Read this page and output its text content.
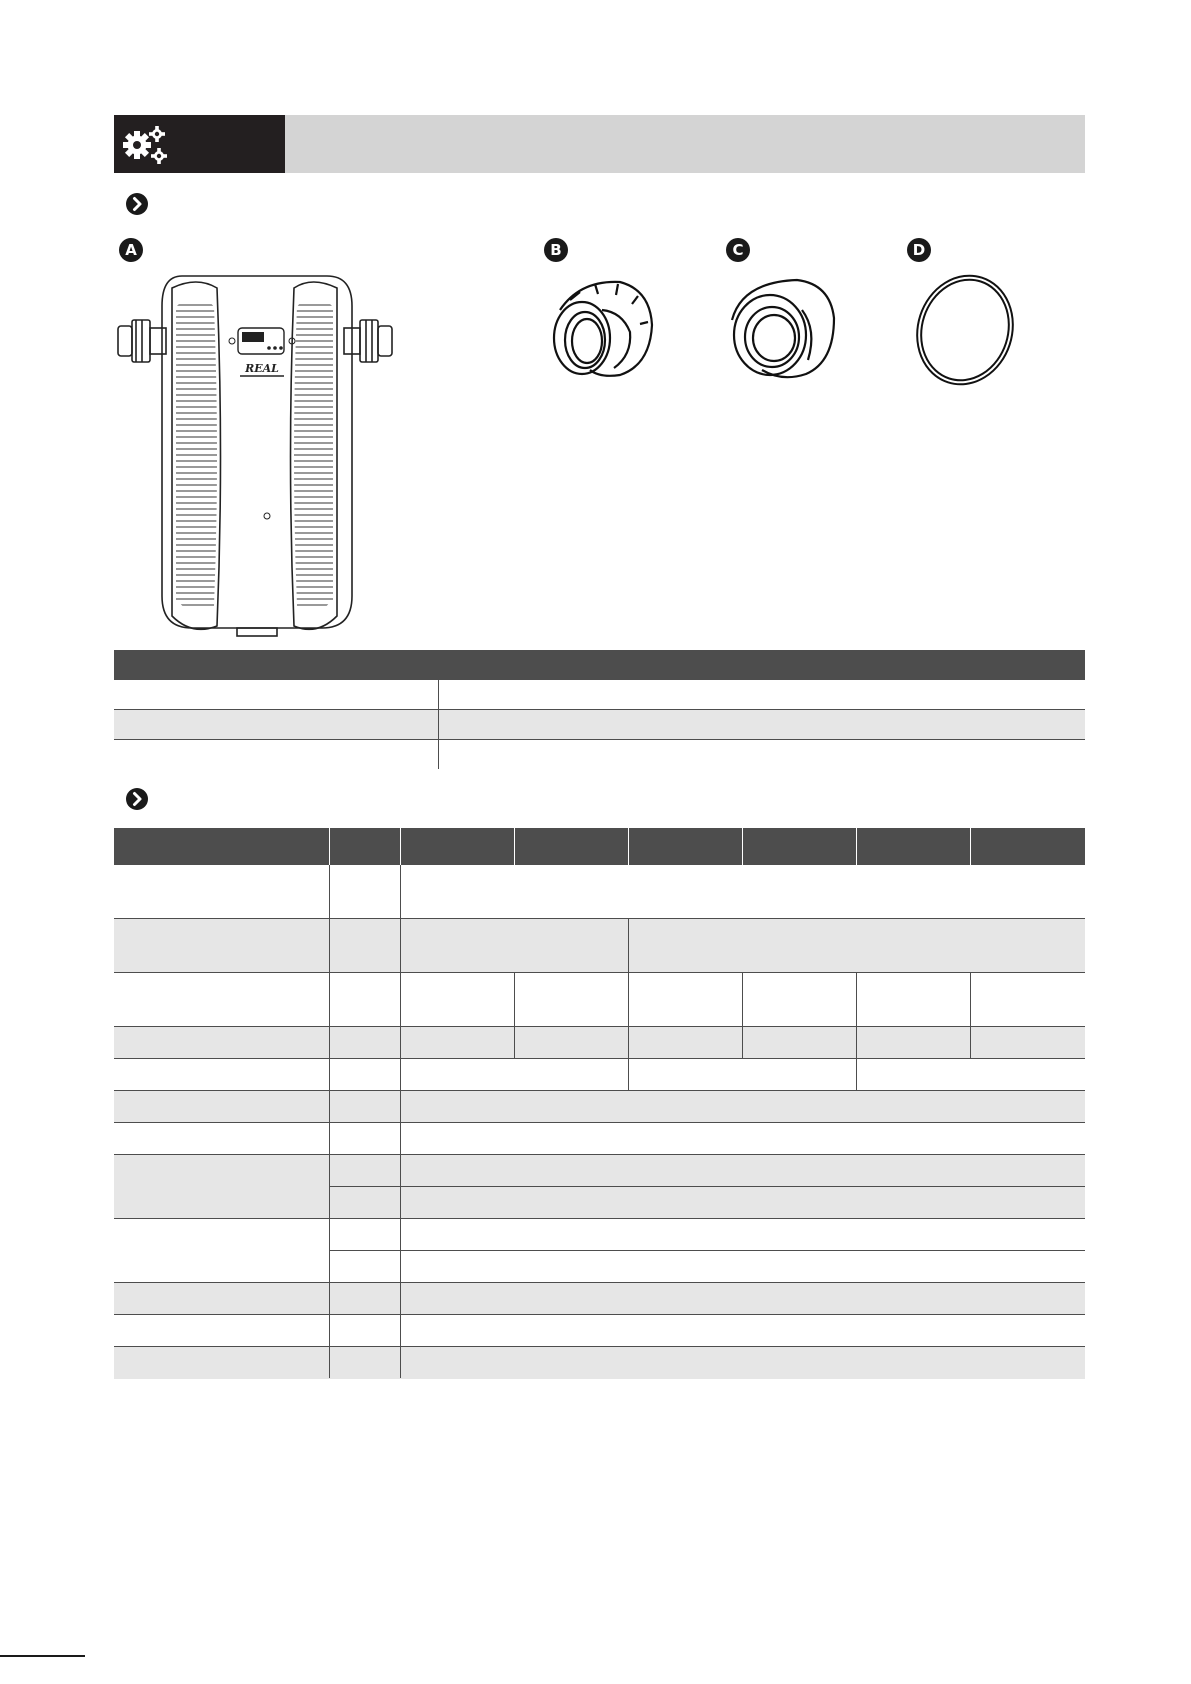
A	B	C	D
REAL
